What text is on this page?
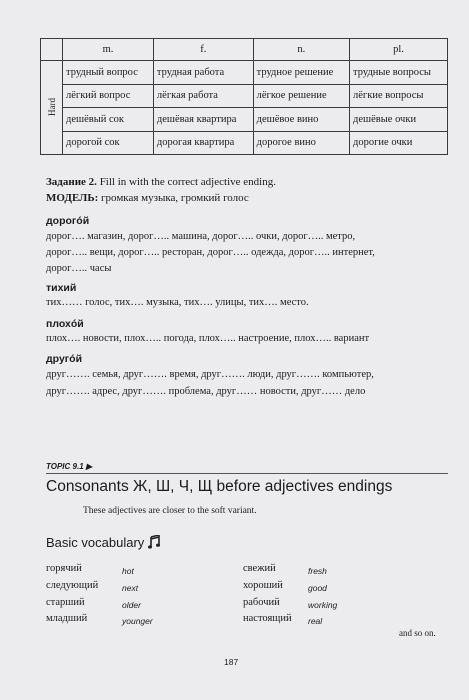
	m.	f.	n.	pl.
Hard	трудный вопрос	трудная работа	трудное решение	трудные вопросы
	лёгкий вопрос	лёгкая работа	лёгкое решение	лёгкие вопросы
	дешёвый сок	дешёвая квартира	дешёвое вино	дешёвые очки
	дорогой сок	дорогая квартира	дорогое вино	дорогие очки
Задание 2. Fill in with the correct adjective ending.
МОДЕЛЬ: громкая музыка, громкий голос
дорогóй
дорог…. магазин, дорог….. машина, дорог….. очки, дорог….. метро,
дорог….. вещи, дорог….. ресторан, дорог….. одежда, дорог….. интернет,
дорог….. часы
тихий
тих…… голос, тих…. музыка, тих…. улицы, тих…. место.
плохóй
плох…. новости, плох….. погода, плох….. настроение, плох….. вариант
другóй
друг……. семья, друг……. время, друг……. люди, друг……. компьютер,
друг……. адрес, друг……. проблема, друг…… новости, друг…… дело
TOPIC 9.1 ▶
Consonants Ж, Ш, Ч, Щ before adjectives endings
These adjectives are closer to the soft variant.
Basic vocabulary
горячий	hot
следующий	next
старший	older
младший	younger
свежий	fresh
хороший	good
рабочий	working
настоящий real
and so on.
187
